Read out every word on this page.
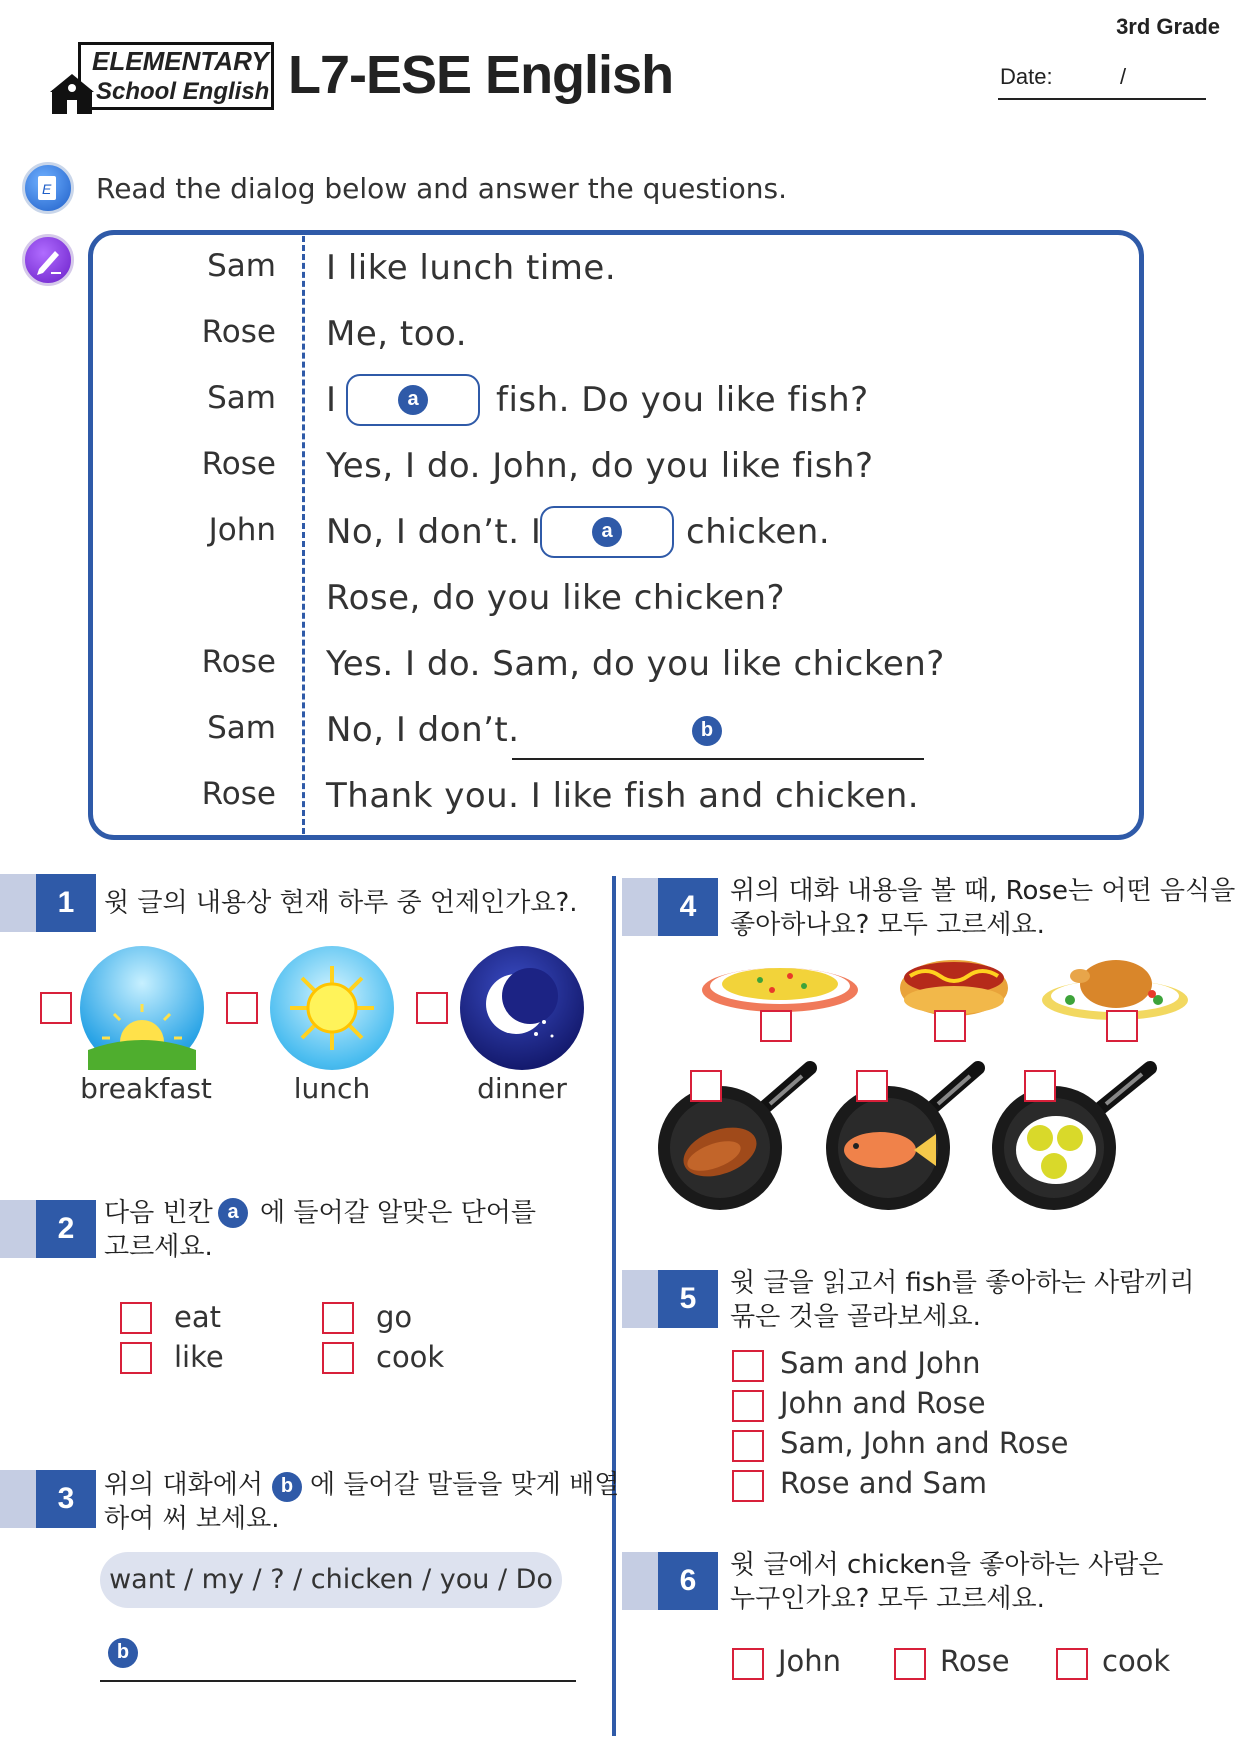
3rd Grade
ELEMENTARY
School English L7-ESE English	Date:	/
E Read the dialog below and answer the questions.
Sam I like lunch time.
Rose Me, too.
Sam I	a fish. Do you like fish?
Rose Yes, I do. John, do you like fish?
John No, I don’t. I	a chicken.
Rose, do you like chicken?
Rose Yes. I do. Sam, do you like chicken?
Sam No, I don’t.	b
Rose Thank you. I like fish and chicken.
1	윗 글의 내용상 현재 하루 중 언제인가요?.
breakfast	lunch	dinner
2	다음 빈칸 a 에 들어갈 알맞은 단어를
고르세요.
eat	go
like	cook
3	위의 대화에서 b 에 들어갈 말들을 맞게 배열
하여 써 보세요.
want / my / ? / chicken / you / Do
b
4	위의 대화 내용을 볼 때, Rose는 어떤 음식을
좋아하나요? 모두 고르세요.
5	윗 글을 읽고서 fish를 좋아하는 사람끼리
묶은 것을 골라보세요.
Sam and John
John and Rose
Sam, John and Rose
Rose and Sam
6	윗 글에서 chicken을 좋아하는 사람은
누구인가요? 모두 고르세요.
John	Rose	cook
